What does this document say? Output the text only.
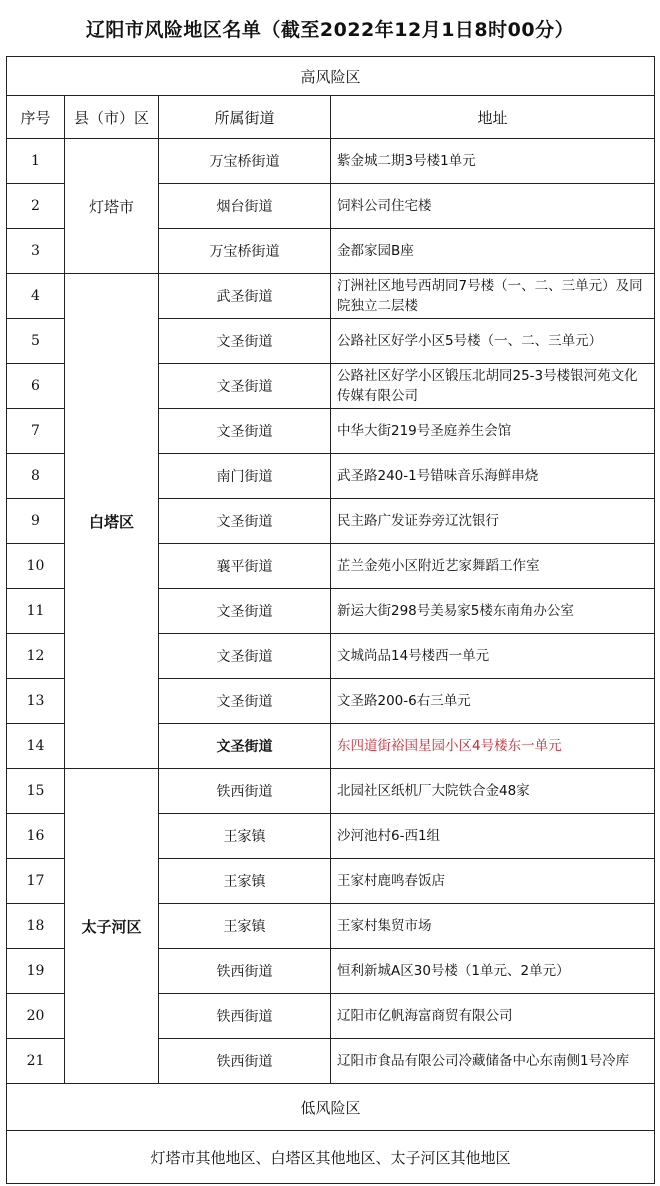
辽阳市风险地区名单（截至2022年12月1日8时00分）
高风险区			
序号	县（市）区	所属街道	地址
1	灯塔市	万宝桥街道	紫金城二期3号楼1单元
2		烟台街道	饲料公司住宅楼
3		万宝桥街道	金都家园B座
4	白塔区	武圣街道	汀洲社区地号西胡同7号楼（一、二、三单元）及同院独立二层楼
5		文圣街道	公路社区好学小区5号楼（一、二、三单元）
6		文圣街道	公路社区好学小区锻压北胡同25-3号楼银河苑文化传媒有限公司
7		文圣街道	中华大街219号圣庭养生会馆
8		南门街道	武圣路240-1号错味音乐海鲜串烧
9		文圣街道	民主路广发证券旁辽沈银行
10		襄平街道	芷兰金苑小区附近艺家舞蹈工作室
11		文圣街道	新运大街298号美易家5楼东南角办公室
12		文圣街道	文城尚品14号楼西一单元
13		文圣街道	文圣路200-6右三单元
14		文圣街道	东四道街裕国星园小区4号楼东一单元
15	太子河区	铁西街道	北园社区纸机厂大院铁合金48家
16		王家镇	沙河池村6-西1组
17		王家镇	王家村鹿鸣春饭店
18		王家镇	王家村集贸市场
19		铁西街道	恒利新城A区30号楼（1单元、2单元）
20		铁西街道	辽阳市亿帆海富商贸有限公司
21		铁西街道	辽阳市食品有限公司冷藏储备中心东南侧1号冷库
低风险区			
灯塔市其他地区、白塔区其他地区、太子河区其他地区			
